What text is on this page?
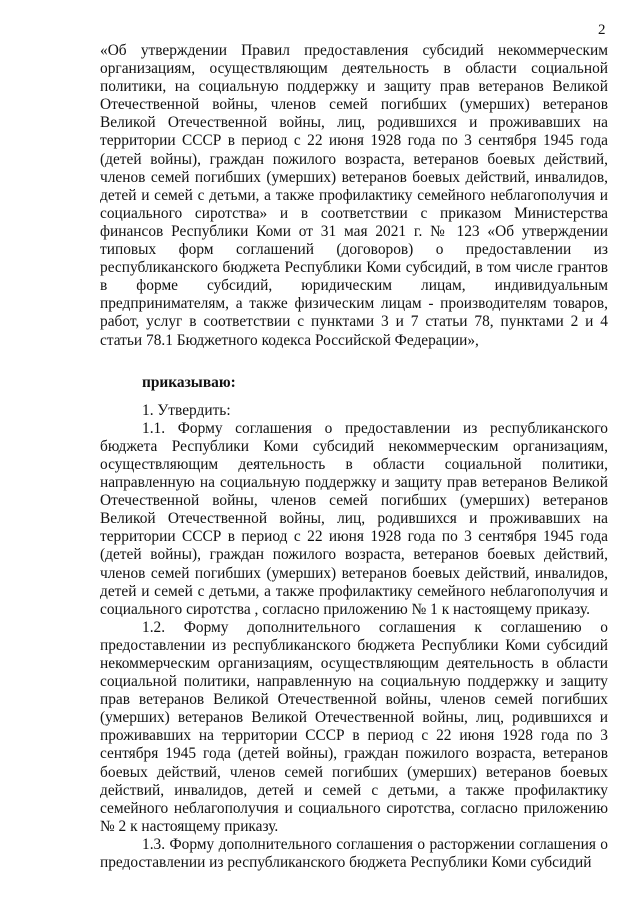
2

«Об утверждении Правил предоставления субсидий некоммерческим организациям, осуществляющим деятельность в области социальной политики, на социальную поддержку и защиту прав ветеранов Великой Отечественной войны, членов семей погибших (умерших) ветеранов Великой Отечественной войны, лиц, родившихся и проживавших на территории СССР в период с 22 июня 1928 года по 3 сентября 1945 года (детей войны), граждан пожилого возраста, ветеранов боевых действий, членов семей погибших (умерших) ветеранов боевых действий, инвалидов, детей и семей с детьми, а также профилактику семейного неблагополучия и социального сиротства» и в соответствии с приказом Министерства финансов Республики Коми от 31 мая 2021 г. № 123 «Об утверждении типовых форм соглашений (договоров) о предоставлении из республиканского бюджета Республики Коми субсидий, в том числе грантов в форме субсидий, юридическим лицам, индивидуальным предпринимателям, а также физическим лицам - производителям товаров, работ, услуг в соответствии с пунктами 3 и 7 статьи 78, пунктами 2 и 4 статьи 78.1 Бюджетного кодекса Российской Федерации»,

приказываю:

1. Утвердить:

1.1. Форму соглашения о предоставлении из республиканского бюджета Республики Коми субсидий некоммерческим организациям, осуществляющим деятельность в области социальной политики, направленную на социальную поддержку и защиту прав ветеранов Великой Отечественной войны, членов семей погибших (умерших) ветеранов Великой Отечественной войны, лиц, родившихся и проживавших на территории СССР в период с 22 июня 1928 года по 3 сентября 1945 года (детей войны), граждан пожилого возраста, ветеранов боевых действий, членов семей погибших (умерших) ветеранов боевых действий, инвалидов, детей и семей с детьми, а также профилактику семейного неблагополучия и социального сиротства , согласно приложению № 1 к настоящему приказу.

1.2. Форму дополнительного соглашения к соглашению о предоставлении из республиканского бюджета Республики Коми субсидий некоммерческим организациям, осуществляющим деятельность в области социальной политики, направленную на социальную поддержку и защиту прав ветеранов Великой Отечественной войны, членов семей погибших (умерших) ветеранов Великой Отечественной войны, лиц, родившихся и проживавших на территории СССР в период с 22 июня 1928 года по 3 сентября 1945 года (детей войны), граждан пожилого возраста, ветеранов боевых действий, членов семей погибших (умерших) ветеранов боевых действий, инвалидов, детей и семей с детьми, а также профилактику семейного неблагополучия и социального сиротства, согласно приложению № 2 к настоящему приказу.

1.3. Форму дополнительного соглашения о расторжении соглашения о предоставлении из республиканского бюджета Республики Коми субсидий
